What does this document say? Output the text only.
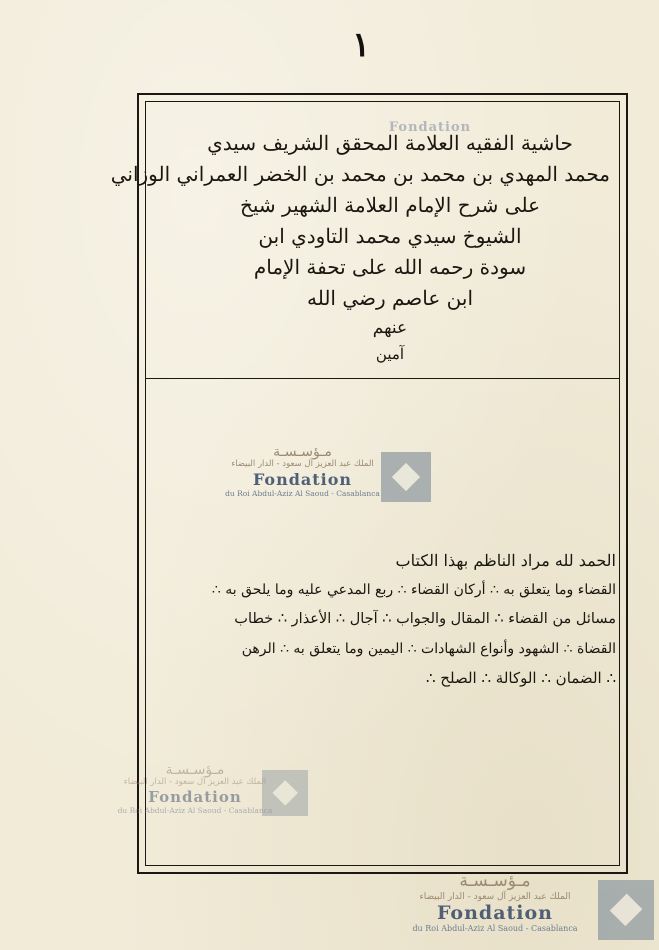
١
Fondation
حاشية الفقيه العلامة المحقق الشريف سيدي
محمد المهدي بن محمد بن محمد بن الخضر العمراني الوزاني
على شرح الإمام العلامة الشهير شيخ
الشيوخ سيدي محمد التاودي ابن
سودة رحمه الله على تحفة الإمام
ابن عاصم رضي الله
عنهم
آمين
مـؤسـسـة
الملك عبد العزيز آل سعود - الدار البيضاء
Fondation
du Roi Abdul-Aziz Al Saoud - Casablanca
الحمد لله مراد الناظم بهذا الكتاب
القضاء وما يتعلق به ∴ أركان القضاء ∴ ربع المدعي عليه وما يلحق به ∴
مسائل من القضاء ∴ المقال والجواب ∴ آجال ∴ الأعذار ∴ خطاب
القضاة ∴ الشهود وأنواع الشهادات ∴ اليمين وما يتعلق به ∴ الرهن
∴ الضمان ∴ الوكالة ∴ الصلح ∴
مـؤسـسـة
الملك عبد العزيز آل سعود - الدار البيضاء
Fondation
du Roi Abdul-Aziz Al Saoud - Casablanca
مـؤسـسـة
الملك عبد العزيز آل سعود - الدار البيضاء
Fondation
du Roi Abdul-Aziz Al Saoud - Casablanca
